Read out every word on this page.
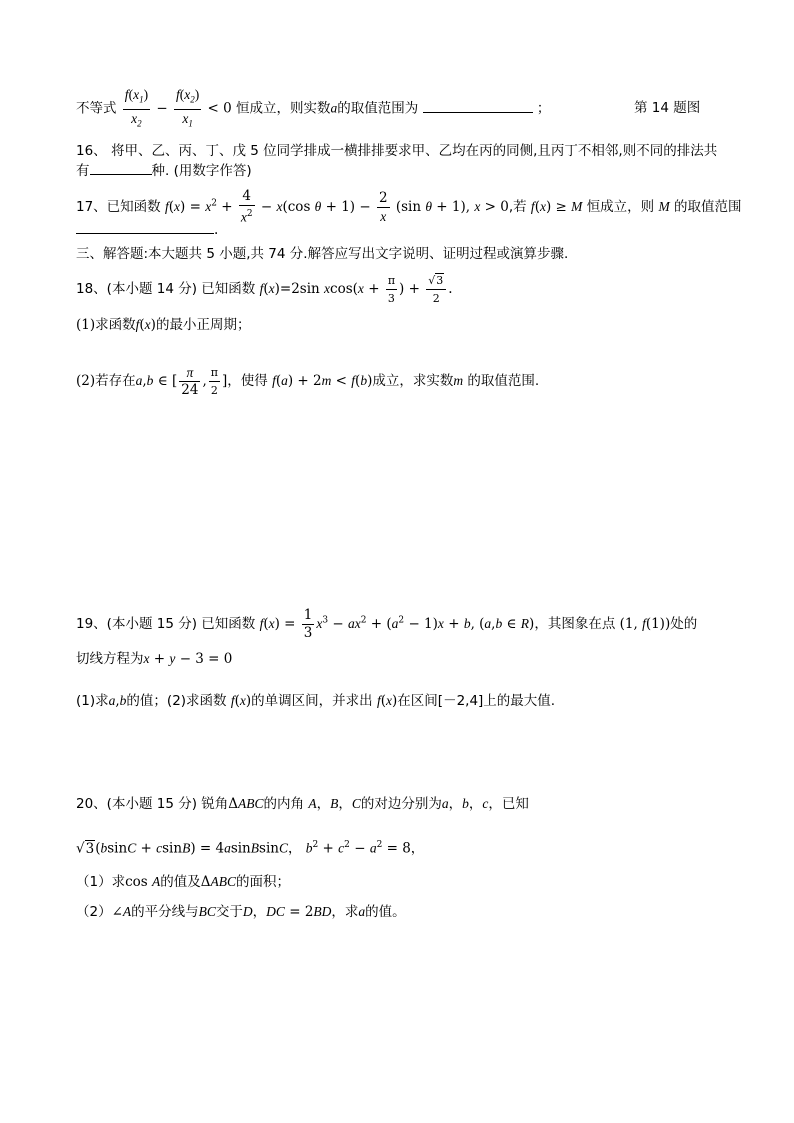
不等式 $\frac{f(x_1)}{x_2} - \frac{f(x_2)}{x_1} < 0$ 恒成立，则实数a的取值范围为	；	第 14 题图
16、 将甲、乙、丙、丁、戊 5 位同学排成一横排排要求甲、乙均在丙的同侧,且丙丁不相邻,则不同的排法共
有	种. (用数字作答)
17、已知函数 $f(x) = x^2 + \frac{4}{x^2} - x(\cos$ $\theta + 1) - \frac{2}{x} (\sin$ θ + 1), x > 0,若 f(x) ≥ M 恒成立，则 M 的取值范围
.
三、解答题:本大题共 5 小题,共 74 分.解答应写出文字说明、证明过程或演算步骤.
18、(本小题 14 分) 已知函数 f(x)=2sin $xcos(x + \frac{\pi}{3}$ ) + $\frac{√3}{2}$ .
(1)求函数f(x)的最小正周期；
(2)若存在a,b ∈ [ $\frac{\pi}{24}$ , $\frac{\pi}{2}$ ]，使得 f(a) + 2m < f(b)成立，求实数m 的取值范围.
19、(本小题 15 分) 已知函数 $f(x) = \frac{1}{3} x^3 - ax^2 + (a^2 - 1)x + b$, (a,b ∈ R)，其图象在点 (1, f(1))处的
切线方程为x + y − 3 = 0
(1)求a,b的值；(2)求函数 f(x)的单调区间，并求出 f(x)在区间[－2,4]上的最大值.
20、(本小题 15 分) 锐角ΔABC的内角 A，B，C的对边分别为a，b，c，已知
√3(bsinC + csinB) = 4asinBsinC， $b^2 + c^2 - a^2 = 8$，
（1）求cos A的值及ΔABC的面积；
（2）∠A的平分线与BC交于D，DC = 2BD，求a的值。
